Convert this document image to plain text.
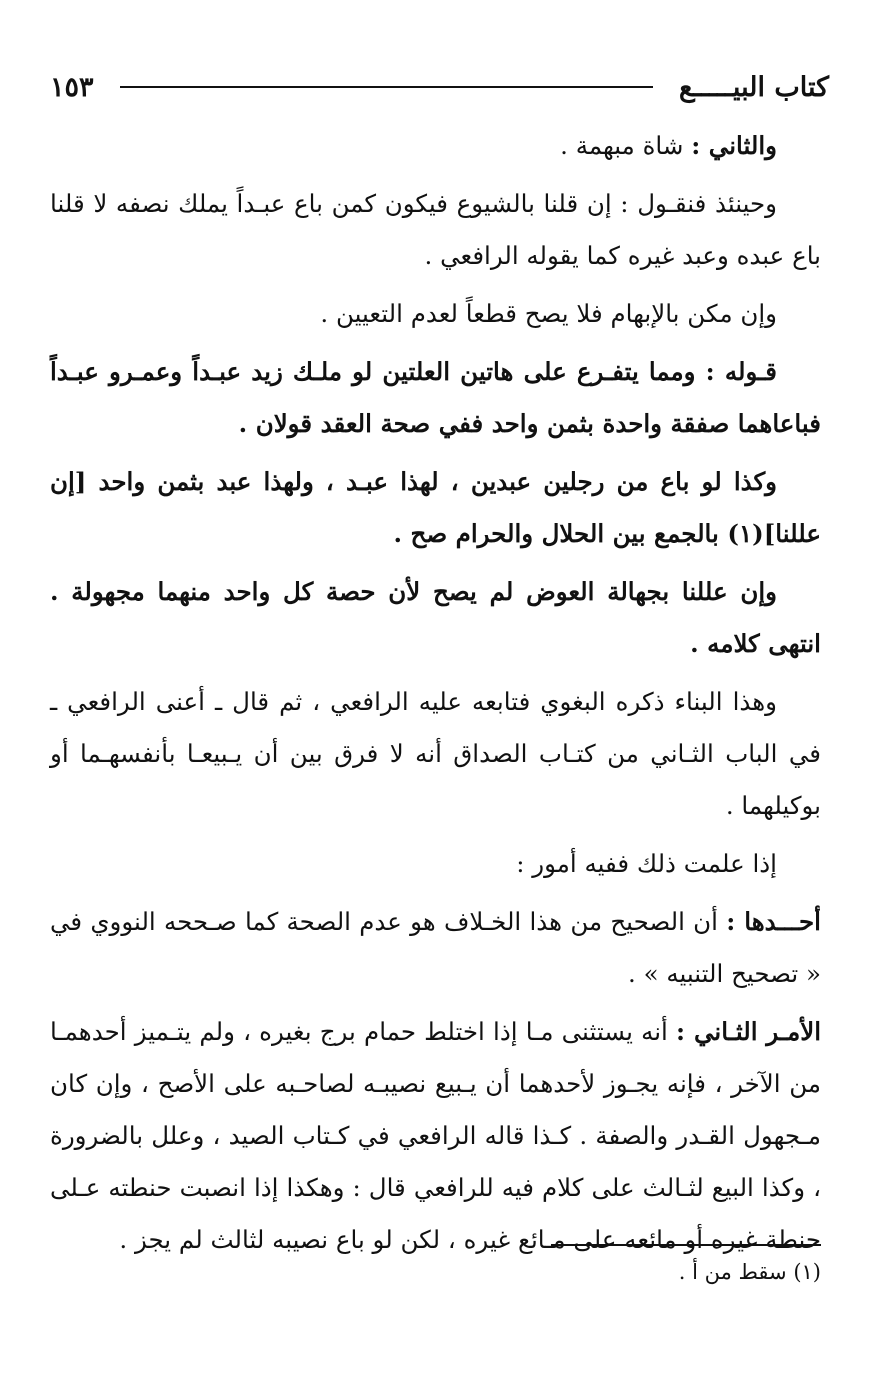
كتاب البيـــــع
١٥٣

والثاني : شاة مبهمة .

وحينئذ فنقـول : إن قلنا بالشيوع فيكون كمن باع عبـداً يملك نصفه لا قلنا باع عبده وعبد غيره كما يقوله الرافعي .

وإن مكن بالإبهام فلا يصح قطعاً لعدم التعيين .

قـوله : ومما يتفـرع على هاتين العلتين لو ملـك زيد عبـداً وعمـرو عبـداً فباعاهما صفقة واحدة بثمن واحد ففي صحة العقد قولان .

وكذا لو باع من رجلين عبدين ، لهذا عبـد ، ولهذا عبد بثمن واحد [إن عللنا](١) بالجمع بين الحلال والحرام صح .

وإن عللنا بجهالة العوض لم يصح لأن حصة كل واحد منهما مجهولة . انتهى كلامه .

وهذا البناء ذكره البغوي فتابعه عليه الرافعي ، ثم قال ـ أعنى الرافعي ـ في الباب الثـاني من كتـاب الصداق أنه لا فرق بين أن يـبيعـا بأنفسهـما أو بوكيلهما .

إذا علمت ذلك ففيه أمور :

أحـــدها : أن الصحيح من هذا الخـلاف هو عدم الصحة كما صـححه النووي في « تصحيح التنبيه » .

الأمـر الثـاني : أنه يستثنى مـا إذا اختلط حمام برج بغيره ، ولم يتـميز أحدهمـا من الآخر ، فإنه يجـوز لأحدهما أن يـبيع نصيبـه لصاحـبه على الأصح ، وإن كان مـجهول القـدر والصفة . كـذا قاله الرافعي في كـتاب الصيد ، وعلل بالضرورة ، وكذا البيع لثـالث على كلام فيه للرافعي قال : وهكذا إذا انصبت حنطته عـلى حنطة غيره أو مائعه على مـائع غيره ، لكن لو باع نصيبه لثالث لم يجز .

(١) سقط من أ .
